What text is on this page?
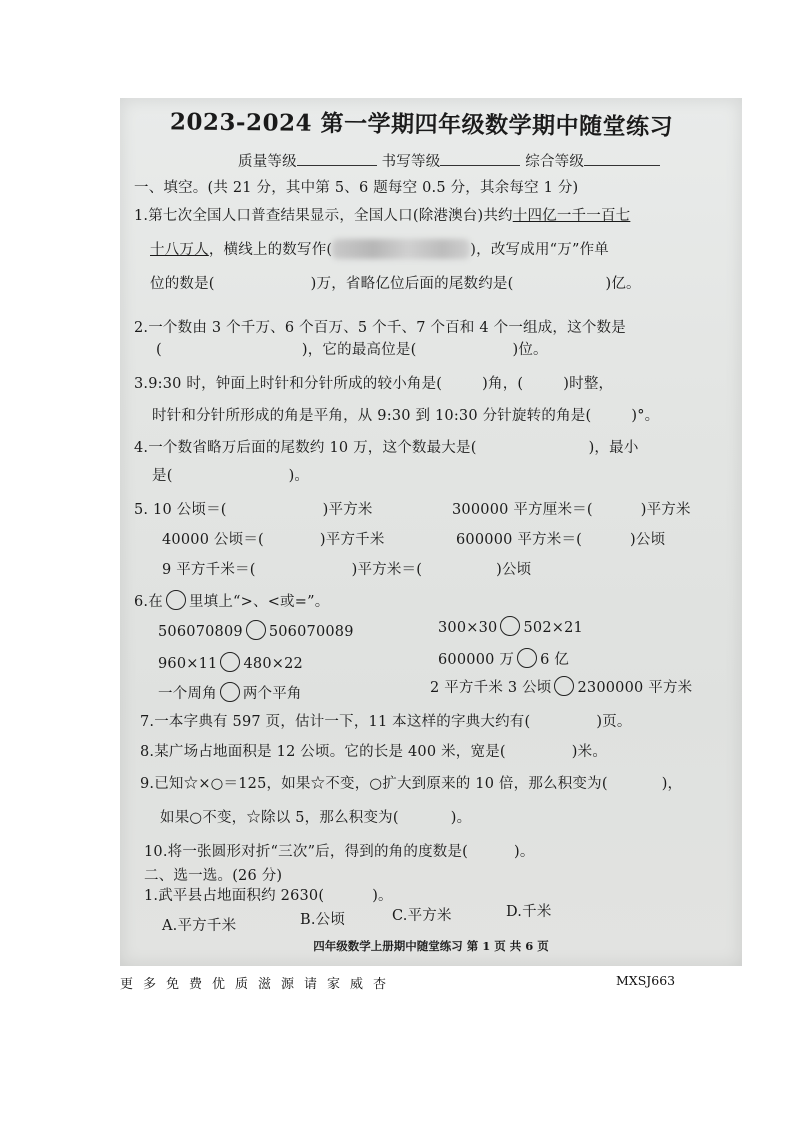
2023-2024 第一学期四年级数学期中随堂练习
质量等级	书写等级	综合等级
一、填空。(共 21 分，其中第 5、6 题每空 0.5 分，其余每空 1 分)
1.第七次全国人口普查结果显示，全国人口(除港澳台)共约十四亿一千一百七
十八万人，横线上的数写作(	)，改写成用“万”作单
位的数是(	)万，省略亿位后面的尾数约是(	)亿。
2.一个数由 3 个千万、6 个百万、5 个千、7 个百和 4 个一组成，这个数是
(	)，它的最高位是(	)位。
3.9:30 时，钟面上时针和分针所成的较小角是(	)角，(	)时整，
时针和分针所形成的角是平角，从 9:30 到 10:30 分针旋转的角是(	)°。
4.一个数省略万后面的尾数约 10 万，这个数最大是(	)，最小
是(	)。
5. 10 公顷＝(	)平方米	300000 平方厘米＝(	)平方米
40000 公顷＝(	)平方千米	600000 平方米＝(	)公顷
9 平方千米＝(	)平方米＝(	)公顷
6.在 里填上“>、<或=”。
506070809 506070089	300×30 502×21
960×11 480×22	600000 万 6 亿
一个周角 两个平角	2 平方千米 3 公顷 2300000 平方米
7.一本字典有 597 页，估计一下，11 本这样的字典大约有(	)页。
8.某广场占地面积是 12 公顷。它的长是 400 米，宽是(	)米。
9.已知☆×○＝125，如果☆不变，○扩大到原来的 10 倍，那么积变为(	)，
如果○不变，☆除以 5，那么积变为(	)。
10.将一张圆形对折“三次”后，得到的角的度数是(	)。
二、选一选。(26 分)
1.武平县占地面积约 2630(	)。
A.平方千米	B.公顷	C.平方米	D.千米
四年级数学上册期中随堂练习 第 1 页 共 6 页
更多免费优质滋源请家威杏	MXSJ663
